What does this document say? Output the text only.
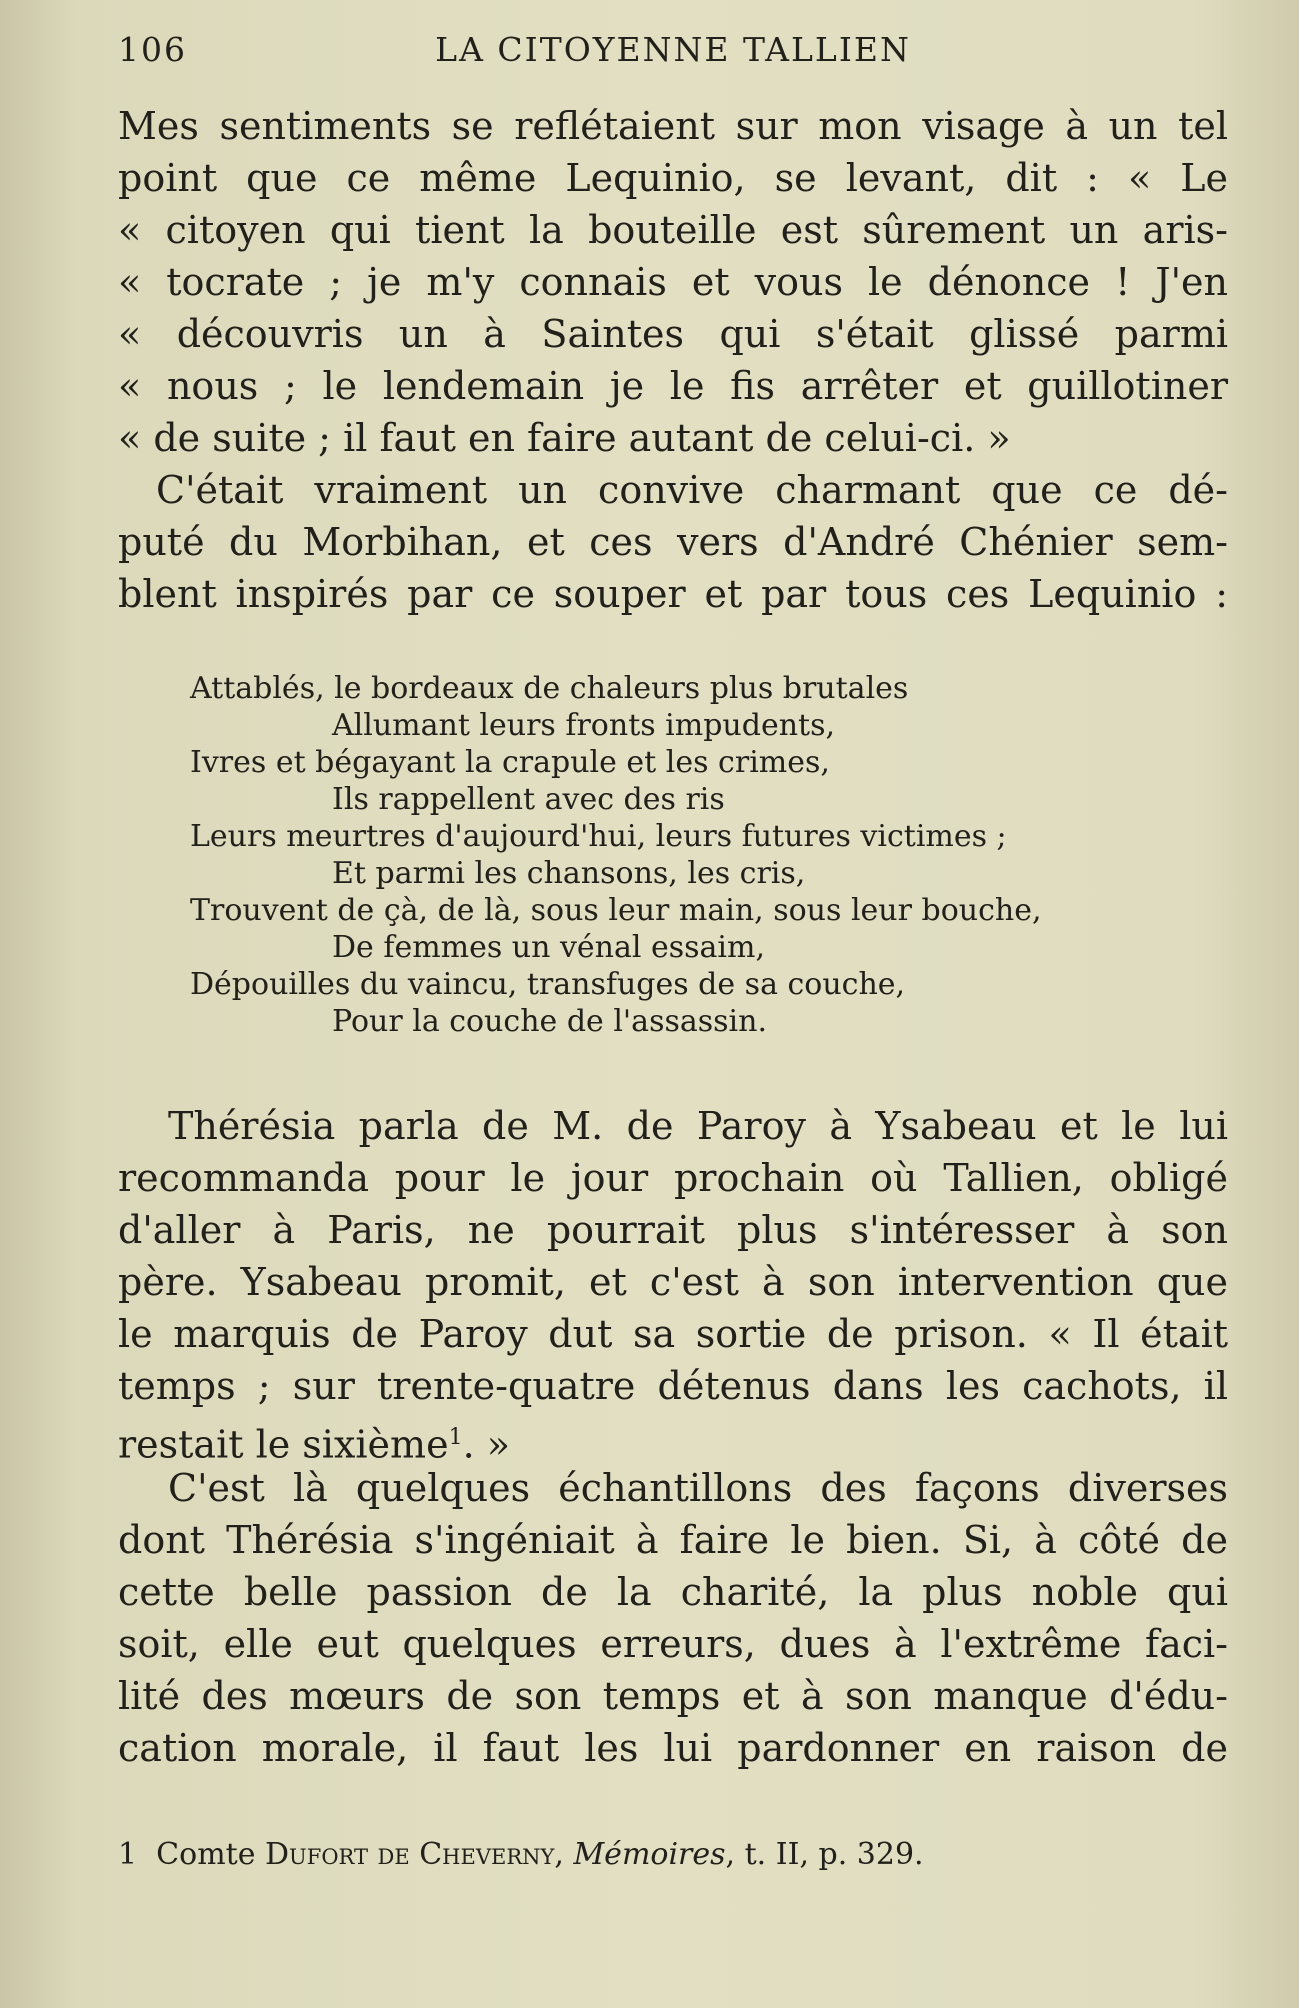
106	LA CITOYENNE TALLIEN
Mes sentiments se reflétaient sur mon visage à un tel
point que ce même Lequinio, se levant, dit : « Le
« citoyen qui tient la bouteille est sûrement un aris-
« tocrate ; je m'y connais et vous le dénonce ! J'en
« découvris un à Saintes qui s'était glissé parmi
« nous ; le lendemain je le fis arrêter et guillotiner
« de suite ; il faut en faire autant de celui-ci. »
C'était vraiment un convive charmant que ce dé-
puté du Morbihan, et ces vers d'André Chénier sem-
blent inspirés par ce souper et par tous ces Lequinio :
Attablés, le bordeaux de chaleurs plus brutales
Allumant leurs fronts impudents,
Ivres et bégayant la crapule et les crimes,
Ils rappellent avec des ris
Leurs meurtres d'aujourd'hui, leurs futures victimes ;
Et parmi les chansons, les cris,
Trouvent de çà, de là, sous leur main, sous leur bouche,
De femmes un vénal essaim,
Dépouilles du vaincu, transfuges de sa couche,
Pour la couche de l'assassin.
Thérésia parla de M. de Paroy à Ysabeau et le lui
recommanda pour le jour prochain où Tallien, obligé
d'aller à Paris, ne pourrait plus s'intéresser à son
père. Ysabeau promit, et c'est à son intervention que
le marquis de Paroy dut sa sortie de prison. « Il était
temps ; sur trente-quatre détenus dans les cachots, il
restait le sixième$^1$. »
C'est là quelques échantillons des façons diverses
dont Thérésia s'ingéniait à faire le bien. Si, à côté de
cette belle passion de la charité, la plus noble qui
soit, elle eut quelques erreurs, dues à l'extrême faci-
lité des mœurs de son temps et à son manque d'édu-
cation morale, il faut les lui pardonner en raison de
1 Comte Dufort de Cheverny, Mémoires, t. II, p. 329.
